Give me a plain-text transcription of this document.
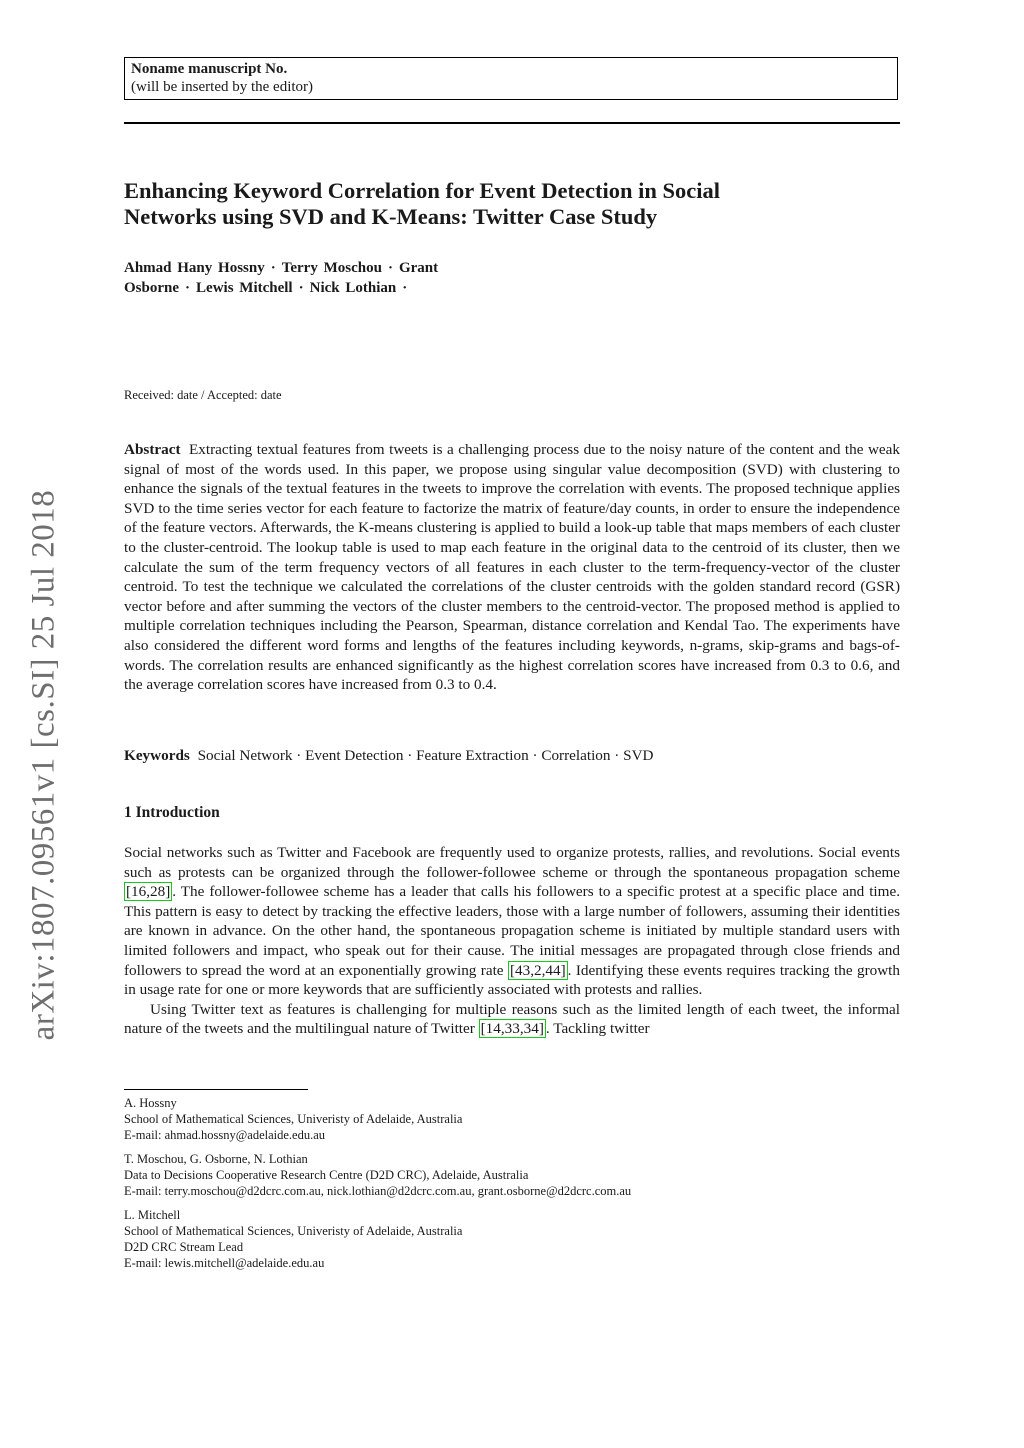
arXiv:1807.09561v1 [cs.SI] 25 Jul 2018
Noname manuscript No.
(will be inserted by the editor)
Enhancing Keyword Correlation for Event Detection in Social
Networks using SVD and K-Means: Twitter Case Study
Ahmad Hany Hossny · Terry Moschou · Grant
Osborne · Lewis Mitchell · Nick Lothian ·
Received: date / Accepted: date
Abstract Extracting textual features from tweets is a challenging process due to the noisy nature of the content and the weak signal of most of the words used. In this paper, we propose using singular value decomposition (SVD) with clustering to enhance the signals of the textual features in the tweets to improve the correlation with events. The proposed technique applies SVD to the time series vector for each feature to factorize the matrix of feature/day counts, in order to ensure the independence of the feature vectors. Afterwards, the K-means clustering is applied to build a look-up table that maps members of each cluster to the cluster-centroid. The lookup table is used to map each feature in the original data to the centroid of its cluster, then we calculate the sum of the term frequency vectors of all features in each cluster to the term-frequency-vector of the cluster centroid. To test the technique we calculated the correlations of the cluster centroids with the golden standard record (GSR) vector before and after summing the vectors of the cluster members to the centroid-vector. The proposed method is applied to multiple correlation techniques including the Pearson, Spearman, distance correlation and Kendal Tao. The experiments have also considered the different word forms and lengths of the features including keywords, n-grams, skip-grams and bags-of-words. The correlation results are enhanced significantly as the highest correlation scores have increased from 0.3 to 0.6, and the average correlation scores have increased from 0.3 to 0.4.
Keywords Social Network · Event Detection · Feature Extraction · Correlation · SVD
1 Introduction

Social networks such as Twitter and Facebook are frequently used to organize protests, rallies, and revolutions. Social events such as protests can be organized through the follower-followee scheme or through the spontaneous propagation scheme [16,28] . The follower-followee scheme has a leader that calls his followers to a specific protest at a specific place and time. This pattern is easy to detect by tracking the effective leaders, those with a large number of followers, assuming their identities are known in advance. On the other hand, the spontaneous propagation scheme is initiated by multiple standard users with limited followers and impact, who speak out for their cause. The initial messages are propagated through close friends and followers to spread the word at an exponentially growing rate [43,2,44] . Identifying these events requires tracking the growth in usage rate for one or more keywords that are sufficiently associated with protests and rallies.

Using Twitter text as features is challenging for multiple reasons such as the limited length of each tweet, the informal nature of the tweets and the multilingual nature of Twitter [14,33,34] . Tackling twitter

A. Hossny
School of Mathematical Sciences, Univeristy of Adelaide, Australia
E-mail: ahmad.hossny@adelaide.edu.au
T. Moschou, G. Osborne, N. Lothian
Data to Decisions Cooperative Research Centre (D2D CRC), Adelaide, Australia
E-mail: terry.moschou@d2dcrc.com.au, nick.lothian@d2dcrc.com.au, grant.osborne@d2dcrc.com.au
L. Mitchell
School of Mathematical Sciences, Univeristy of Adelaide, Australia
D2D CRC Stream Lead
E-mail: lewis.mitchell@adelaide.edu.au
